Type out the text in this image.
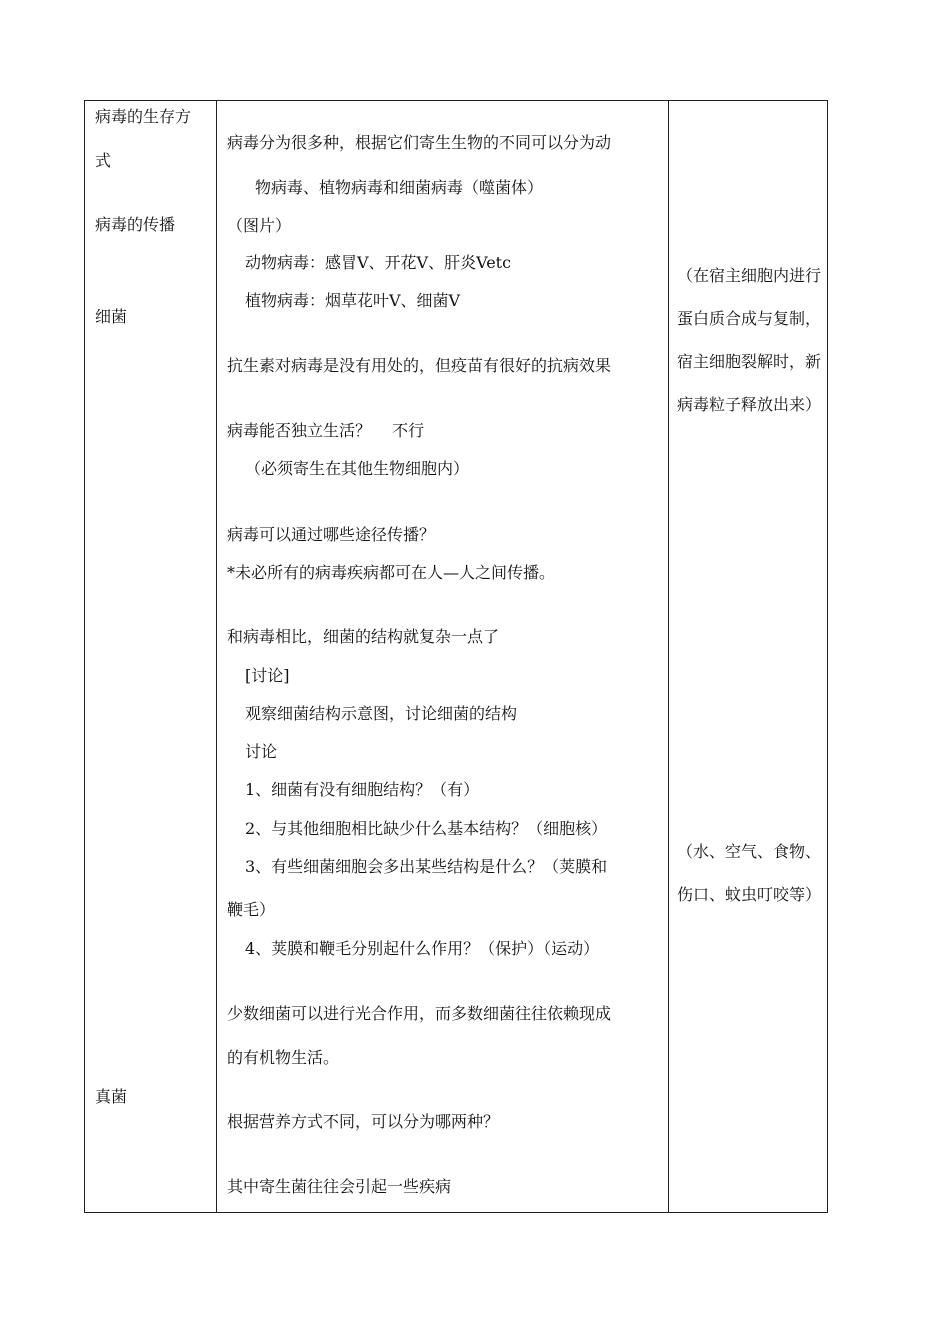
病毒的生存方
式
病毒的传播
细菌
真菌
病毒分为很多种，根据它们寄生生物的不同可以分为动
物病毒、植物病毒和细菌病毒（噬菌体）
（图片）
动物病毒：感冒V、开花V、肝炎Vetc
植物病毒：烟草花叶V、细菌V
抗生素对病毒是没有用处的，但疫苗有很好的抗病效果
病毒能否独立生活？　 不行
（必须寄生在其他生物细胞内）
病毒可以通过哪些途径传播？
*未必所有的病毒疾病都可在人—人之间传播。
和病毒相比，细菌的结构就复杂一点了
[讨论]
观察细菌结构示意图，讨论细菌的结构
讨论
1、细菌有没有细胞结构？（有）
2、与其他细胞相比缺少什么基本结构？（细胞核）
3、有些细菌细胞会多出某些结构是什么？（荚膜和
鞭毛）
4、荚膜和鞭毛分别起什么作用？（保护）（运动）
少数细菌可以进行光合作用，而多数细菌往往依赖现成
的有机物生活。
根据营养方式不同，可以分为哪两种？
其中寄生菌往往会引起一些疾病
（在宿主细胞内进行蛋白质合成与复制，宿主细胞裂解时，新病毒粒子释放出来）
（水、空气、食物、伤口、蚊虫叮咬等）
